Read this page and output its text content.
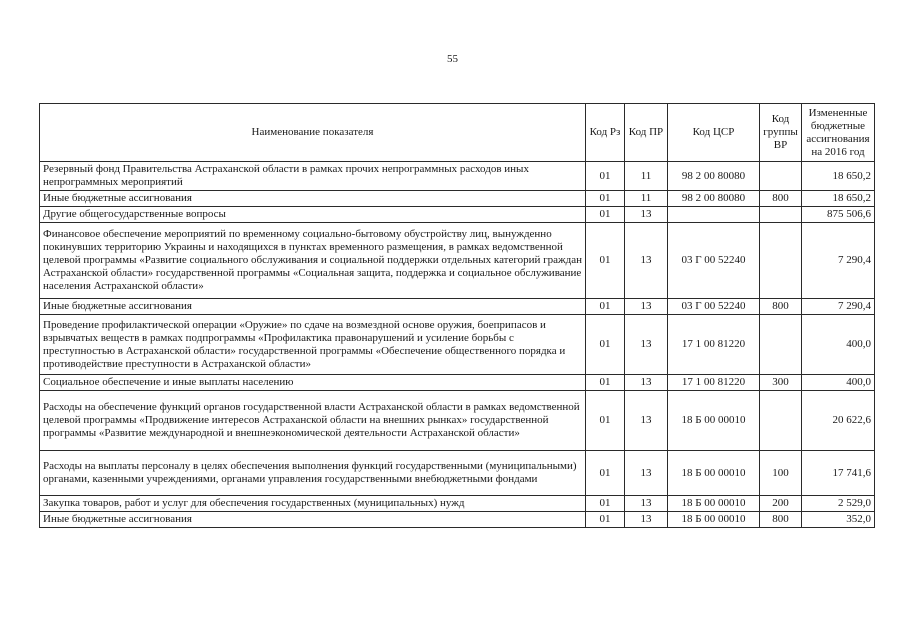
55
Наименование показателя	Код Рз	Код ПР	Код ЦСР	Код группы ВР	Измененные бюджетные ассигнования на 2016 год
Резервный фонд Правительства Астраханской области в рамках прочих непрограммных расходов иных непрограммных мероприятий	01	11	98 2 00 80080		18 650,2
Иные бюджетные ассигнования	01	11	98 2 00 80080	800	18 650,2
Другие общегосударственные вопросы	01	13			875 506,6
Финансовое обеспечение мероприятий по временному социально-бытовому обустройству лиц, вынужденно покинувших территорию Украины и находящихся в пунктах временного размещения, в рамках ведомственной целевой программы «Развитие социального обслуживания и социальной поддержки отдельных категорий граждан Астраханской области» государственной программы «Социальная защита, поддержка и социальное обслуживание населения Астраханской области»	01	13	03 Г 00 52240		7 290,4
Иные бюджетные ассигнования	01	13	03 Г 00 52240	800	7 290,4
Проведение профилактической операции «Оружие» по сдаче на возмездной основе оружия, боеприпасов и взрывчатых веществ в рамках подпрограммы «Профилактика правонарушений и усиление борьбы с преступностью в Астраханской области» государственной программы «Обеспечение общественного порядка и противодействие преступности в Астраханской области»	01	13	17 1 00 81220		400,0
Социальное обеспечение и иные выплаты населению	01	13	17 1 00 81220	300	400,0
Расходы на обеспечение функций органов государственной власти Астраханской области в рамках ведомственной целевой программы «Продвижение интересов Астраханской области на внешних рынках» государственной программы «Развитие международной и внешнеэкономической деятельности Астраханской области»	01	13	18 Б 00 00010		20 622,6
Расходы на выплаты персоналу в целях обеспечения выполнения функций государственными (муниципальными) органами, казенными учреждениями, органами управления государственными внебюджетными фондами	01	13	18 Б 00 00010	100	17 741,6
Закупка товаров, работ и услуг для обеспечения государственных (муниципальных) нужд	01	13	18 Б 00 00010	200	2 529,0
Иные бюджетные ассигнования	01	13	18 Б 00 00010	800	352,0
